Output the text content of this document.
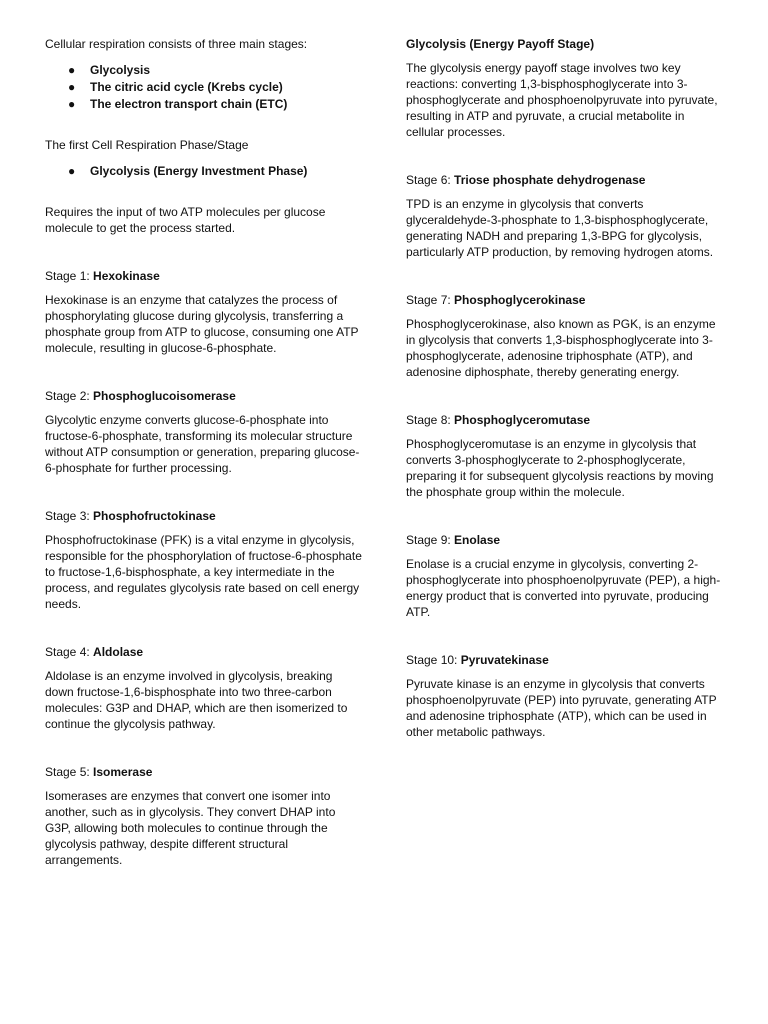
Cellular respiration consists of three main stages:

● Glycolysis
● The citric acid cycle (Krebs cycle)
● The electron transport chain (ETC)

The first Cell Respiration Phase/Stage

● Glycolysis (Energy Investment Phase)

Requires the input of two ATP molecules per glucose molecule to get the process started.

Stage 1: Hexokinase

Hexokinase is an enzyme that catalyzes the process of phosphorylating glucose during glycolysis, transferring a phosphate group from ATP to glucose, consuming one ATP molecule, resulting in glucose-6-phosphate.

Stage 2: Phosphoglucoisomerase

Glycolytic enzyme converts glucose-6-phosphate into fructose-6-phosphate, transforming its molecular structure without ATP consumption or generation, preparing glucose-6-phosphate for further processing.

Stage 3: Phosphofructokinase

Phosphofructokinase (PFK) is a vital enzyme in glycolysis, responsible for the phosphorylation of fructose-6-phosphate to fructose-1,6-bisphosphate, a key intermediate in the process, and regulates glycolysis rate based on cell energy needs.

Stage 4: Aldolase

Aldolase is an enzyme involved in glycolysis, breaking down fructose-1,6-bisphosphate into two three-carbon molecules: G3P and DHAP, which are then isomerized to continue the glycolysis pathway.

Stage 5: Isomerase

Isomerases are enzymes that convert one isomer into another, such as in glycolysis. They convert DHAP into G3P, allowing both molecules to continue through the glycolysis pathway, despite different structural arrangements.

Glycolysis (Energy Payoff Stage)

The glycolysis energy payoff stage involves two key reactions: converting 1,3-bisphosphoglycerate into 3-phosphoglycerate and phosphoenolpyruvate into pyruvate, resulting in ATP and pyruvate, a crucial metabolite in cellular processes.

Stage 6: Triose phosphate dehydrogenase

TPD is an enzyme in glycolysis that converts glyceraldehyde-3-phosphate to 1,3-bisphosphoglycerate, generating NADH and preparing 1,3-BPG for glycolysis, particularly ATP production, by removing hydrogen atoms.

Stage 7: Phosphoglycerokinase

Phosphoglycerokinase, also known as PGK, is an enzyme in glycolysis that converts 1,3-bisphosphoglycerate into 3-phosphoglycerate, adenosine triphosphate (ATP), and adenosine diphosphate, thereby generating energy.

Stage 8: Phosphoglyceromutase

Phosphoglyceromutase is an enzyme in glycolysis that converts 3-phosphoglycerate to 2-phosphoglycerate, preparing it for subsequent glycolysis reactions by moving the phosphate group within the molecule.

Stage 9: Enolase

Enolase is a crucial enzyme in glycolysis, converting 2-phosphoglycerate into phosphoenolpyruvate (PEP), a high-energy product that is converted into pyruvate, producing ATP.

Stage 10: Pyruvatekinase

Pyruvate kinase is an enzyme in glycolysis that converts phosphoenolpyruvate (PEP) into pyruvate, generating ATP and adenosine triphosphate (ATP), which can be used in other metabolic pathways.
